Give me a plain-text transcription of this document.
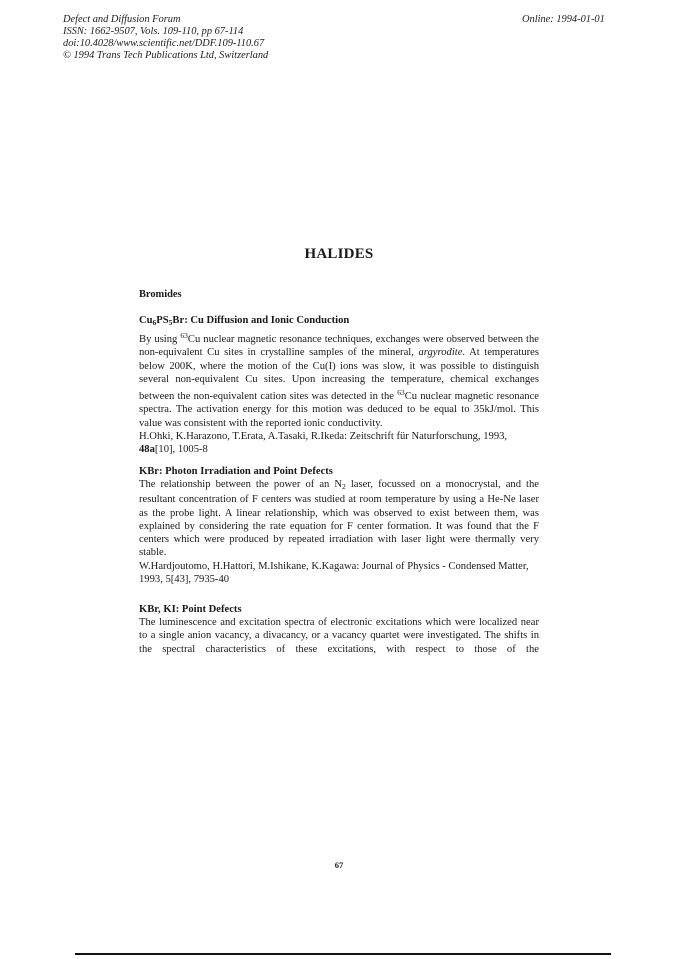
Defect and Diffusion Forum
ISSN: 1662-9507, Vols. 109-110, pp 67-114
doi:10.4028/www.scientific.net/DDF.109-110.67
© 1994 Trans Tech Publications Ltd, Switzerland
Online: 1994-01-01
HALIDES
Bromides
$Cu_6PS_5Br$: Cu Diffusion and Ionic Conduction

By using $^{63}$Cu nuclear magnetic resonance techniques, exchanges were observed between the non-equivalent Cu sites in crystalline samples of the mineral, argyrodite. At temperatures below 200K, where the motion of the Cu(I) ions was slow, it was possible to distinguish several non-equivalent Cu sites. Upon increasing the temperature, chemical exchanges between the non-equivalent cation sites was detected in the $^{63}$Cu nuclear magnetic resonance spectra. The activation energy for this motion was deduced to be equal to 35kJ/mol. This value was consistent with the reported ionic conductivity.

H.Ohki, K.Harazono, T.Erata, A.Tasaki, R.Ikeda: Zeitschrift für Naturforschung, 1993,
48a[10], 1005-8

KBr: Photon Irradiation and Point Defects

The relationship between the power of an $N_2$ laser, focussed on a monocrystal, and the resultant concentration of F centers was studied at room temperature by using a He-Ne laser as the probe light. A linear relationship, which was observed to exist between them, was explained by considering the rate equation for F center formation. It was found that the F centers which were produced by repeated irradiation with laser light were thermally very stable.

W.Hardjoutomo, H.Hattori, M.Ishikane, K.Kagawa: Journal of Physics - Condensed Matter, 1993, 5[43], 7935-40

KBr, KI: Point Defects

The luminescence and excitation spectra of electronic excitations which were localized near to a single anion vacancy, a divacancy, or a vacancy quartet were investigated. The shifts in the spectral characteristics of these excitations, with respect to those of the

67
